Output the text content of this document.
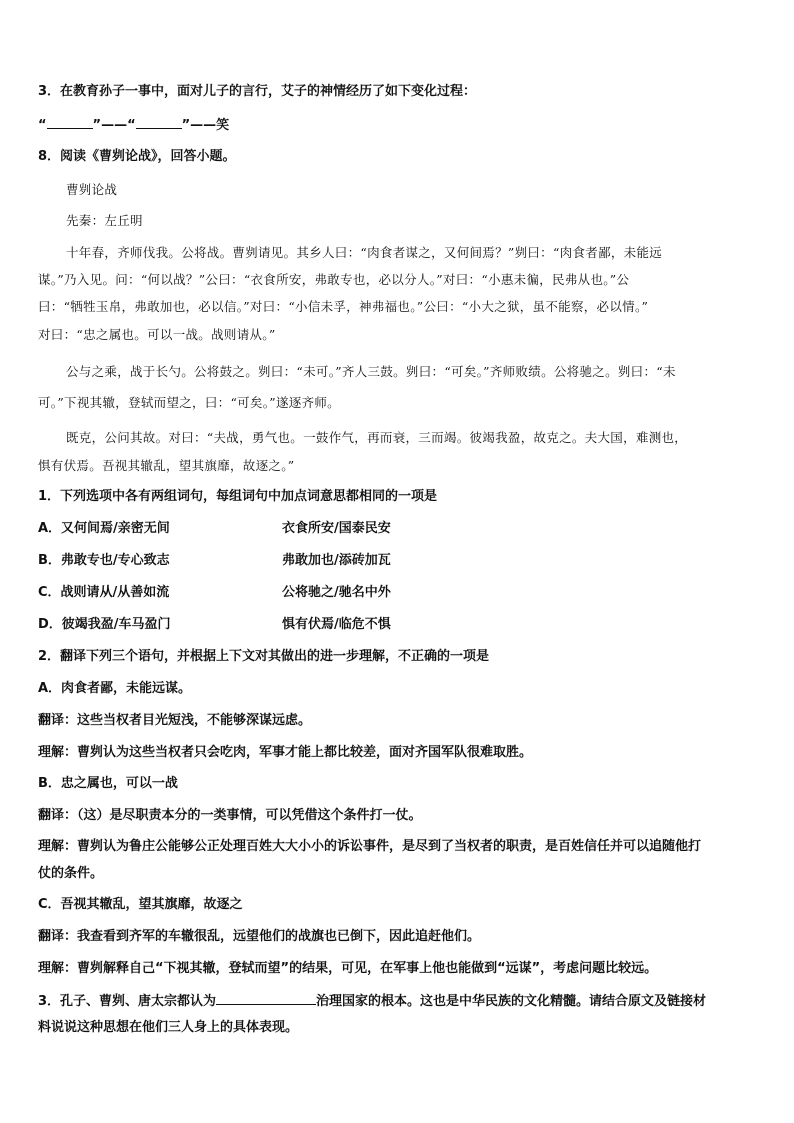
3．在教育孙子一事中，面对儿子的言行，艾子的神情经历了如下变化过程：
“	”——“	”——笑
8．阅读《曹刿论战》，回答小题。
曹刿论战
先秦：左丘明
十年春，齐师伐我。公将战。曹刿请见。其乡人曰：“肉食者谋之，又何间焉？”刿曰：“肉食者鄙，未能远
谋。”乃入见。问：“何以战？”公曰：“衣食所安，弗敢专也，必以分人。”对曰：“小惠未徧，民弗从也。”公
曰：“牺牲玉帛，弗敢加也，必以信。”对曰：“小信未孚，神弗福也。”公曰：“小大之狱，虽不能察，必以情。”
对曰：“忠之属也。可以一战。战则请从。”
公与之乘，战于长勺。公将鼓之。刿曰：“未可。”齐人三鼓。刿曰：“可矣。”齐师败绩。公将驰之。刿曰：“未
可。”下视其辙，登轼而望之，曰：“可矣。”遂逐齐师。
既克，公问其故。对曰：“夫战，勇气也。一鼓作气，再而衰，三而竭。彼竭我盈，故克之。夫大国，难测也，
惧有伏焉。吾视其辙乱，望其旗靡，故逐之。”
1．下列选项中各有两组词句，每组词句中加点词意思都相同的一项是
A．又何间焉/亲密无间	衣食所安/国泰民安
B．弗敢专也/专心致志	弗敢加也/添砖加瓦
C．战则请从/从善如流	公将驰之/驰名中外
D．彼竭我盈/车马盈门	惧有伏焉/临危不惧
2．翻译下列三个语句，并根据上下文对其做出的进一步理解，不正确的一项是
A．肉食者鄙，未能远谋。
翻译：这些当权者目光短浅，不能够深谋远虑。
理解：曹刿认为这些当权者只会吃肉，军事才能上都比较差，面对齐国军队很难取胜。
B．忠之属也，可以一战
翻译：（这）是尽职责本分的一类事情，可以凭借这个条件打一仗。
理解：曹刿认为鲁庄公能够公正处理百姓大大小小的诉讼事件，是尽到了当权者的职责，是百姓信任并可以追随他打
仗的条件。
C．吾视其辙乱，望其旗靡，故逐之
翻译：我查看到齐军的车辙很乱，远望他们的战旗也已倒下，因此追赶他们。
理解：曹刿解释自己“下视其辙，登轼而望”的结果，可见，在军事上他也能做到“远谋”，考虑问题比较远。
3．孔子、曹刿、唐太宗都认为	治理国家的根本。这也是中华民族的文化精髓。请结合原文及链接材
料说说这种思想在他们三人身上的具体表现。
